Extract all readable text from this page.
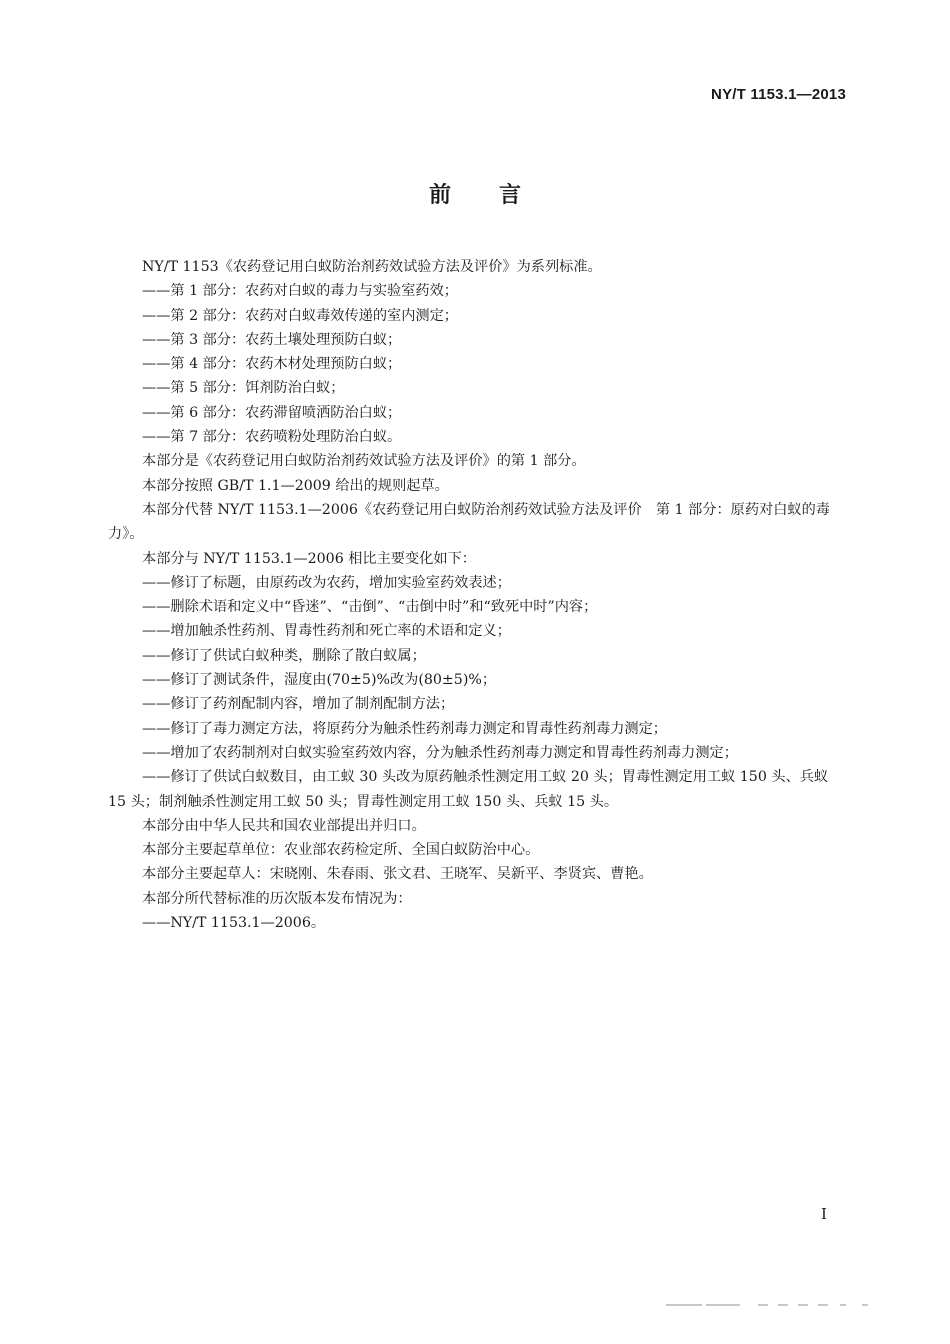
NY/T 1153.1—2013
前言

NY/T 1153《农药登记用白蚁防治剂药效试验方法及评价》为系列标准。

——第 1 部分：农药对白蚁的毒力与实验室药效；

——第 2 部分：农药对白蚁毒效传递的室内测定；

——第 3 部分：农药土壤处理预防白蚁；

——第 4 部分：农药木材处理预防白蚁；

——第 5 部分：饵剂防治白蚁；

——第 6 部分：农药滞留喷洒防治白蚁；

——第 7 部分：农药喷粉处理防治白蚁。

本部分是《农药登记用白蚁防治剂药效试验方法及评价》的第 1 部分。

本部分按照 GB/T 1.1—2009 给出的规则起草。

本部分代替 NY/T 1153.1—2006《农药登记用白蚁防治剂药效试验方法及评价　第 1 部分：原药对白蚁的毒力》。

本部分与 NY/T 1153.1—2006 相比主要变化如下：

——修订了标题，由原药改为农药，增加实验室药效表述；

——删除术语和定义中“昏迷”、“击倒”、“击倒中时”和“致死中时”内容；

——增加触杀性药剂、胃毒性药剂和死亡率的术语和定义；

——修订了供试白蚁种类，删除了散白蚁属；

——修订了测试条件，湿度由(70±5)%改为(80±5)%；

——修订了药剂配制内容，增加了制剂配制方法；

——修订了毒力测定方法，将原药分为触杀性药剂毒力测定和胃毒性药剂毒力测定；

——增加了农药制剂对白蚁实验室药效内容，分为触杀性药剂毒力测定和胃毒性药剂毒力测定；

——修订了供试白蚁数目，由工蚁 30 头改为原药触杀性测定用工蚁 20 头；胃毒性测定用工蚁 150 头、兵蚁 15 头；制剂触杀性测定用工蚁 50 头；胃毒性测定用工蚁 150 头、兵蚁 15 头。

本部分由中华人民共和国农业部提出并归口。

本部分主要起草单位：农业部农药检定所、全国白蚁防治中心。

本部分主要起草人：宋晓刚、朱春雨、张文君、王晓军、吴新平、李贤宾、曹艳。

本部分所代替标准的历次版本发布情况为：

——NY/T 1153.1—2006。

I
